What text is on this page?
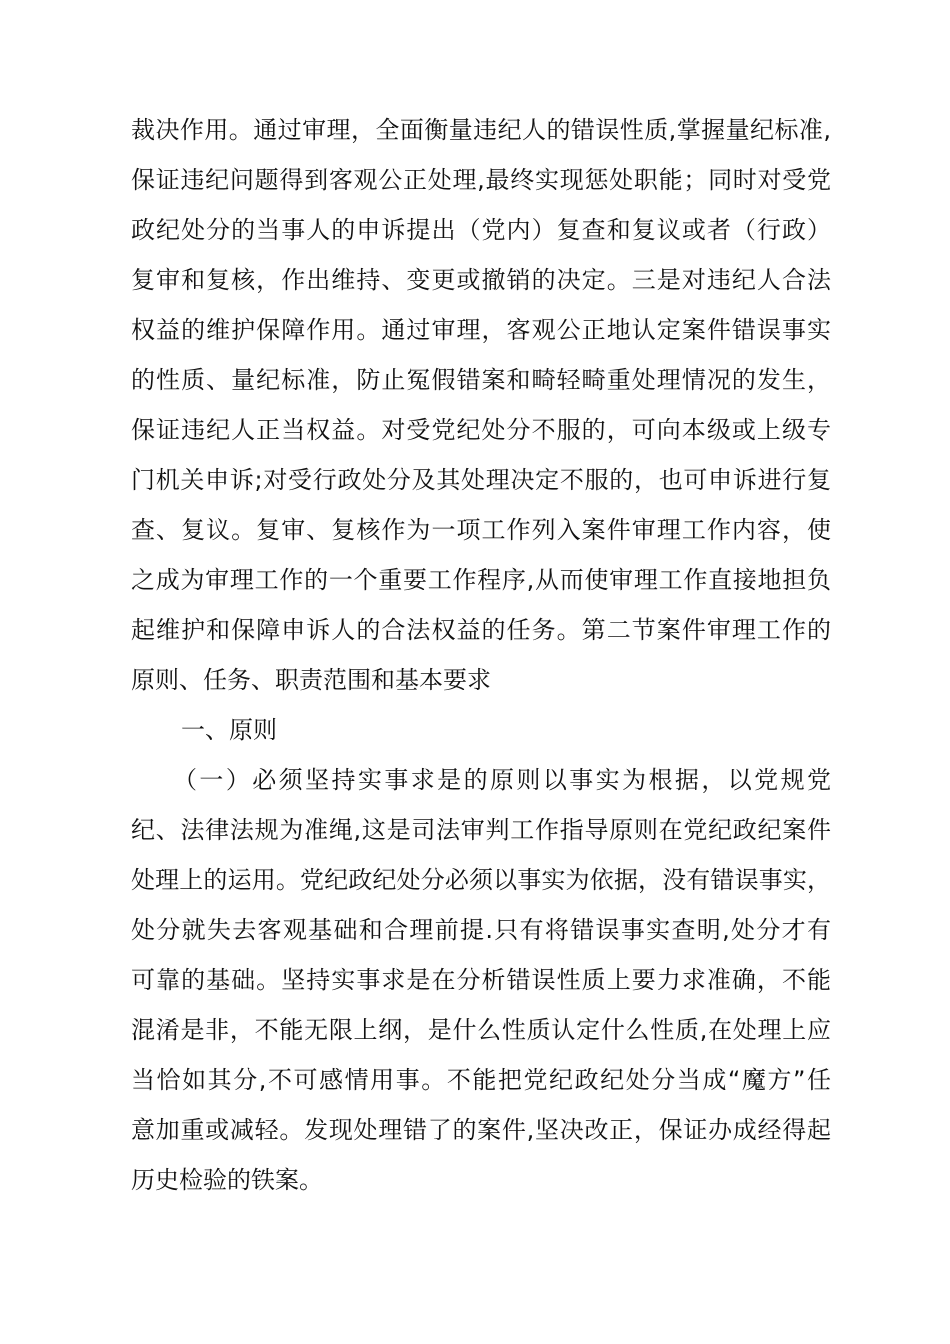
裁决作用。通过审理，全面衡量违纪人的错误性质,掌握量纪标准,
保证违纪问题得到客观公正处理,最终实现惩处职能；同时对受党
政纪处分的当事人的申诉提出（党内）复查和复议或者（行政）
复审和复核，作出维持、变更或撤销的决定。三是对违纪人合法
权益的维护保障作用。通过审理，客观公正地认定案件错误事实
的性质、量纪标准，防止冤假错案和畸轻畸重处理情况的发生，
保证违纪人正当权益。对受党纪处分不服的，可向本级或上级专
门机关申诉;对受行政处分及其处理决定不服的，也可申诉进行复
查、复议。复审、复核作为一项工作列入案件审理工作内容，使
之成为审理工作的一个重要工作程序,从而使审理工作直接地担负
起维护和保障申诉人的合法权益的任务。第二节案件审理工作的
原则、任务、职责范围和基本要求
一、原则
（一）必须坚持实事求是的原则以事实为根据，以党规党
纪、法律法规为准绳,这是司法审判工作指导原则在党纪政纪案件
处理上的运用。党纪政纪处分必须以事实为依据，没有错误事实，
处分就失去客观基础和合理前提.只有将错误事实查明,处分才有
可靠的基础。坚持实事求是在分析错误性质上要力求准确，不能
混淆是非，不能无限上纲，是什么性质认定什么性质,在处理上应
当恰如其分,不可感情用事。不能把党纪政纪处分当成“魔方”任
意加重或减轻。发现处理错了的案件,坚决改正，保证办成经得起
历史检验的铁案。
